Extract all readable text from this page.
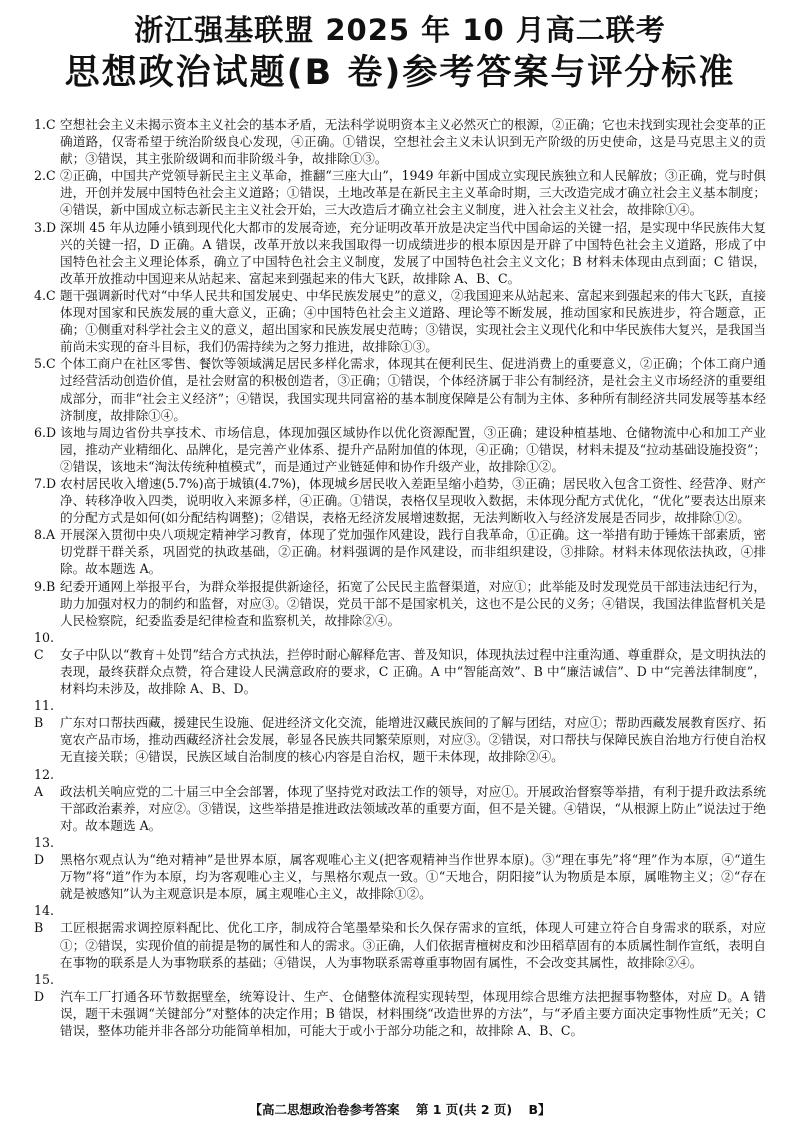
浙江强基联盟 2025 年 10 月高二联考
思想政治试题(B 卷)参考答案与评分标准

1.C 空想社会主义未揭示资本主义社会的基本矛盾，无法科学说明资本主义必然灭亡的根源，②正确；它也未找到实现社会变革的正确道路，仅寄希望于统治阶级良心发现，④正确。①错误，空想社会主义未认识到无产阶级的历史使命，这是马克思主义的贡献；③错误，其主张阶级调和而非阶级斗争，故排除①③。

2.C ②正确，中国共产党领导新民主主义革命，推翻“三座大山”，1949 年新中国成立实现民族独立和人民解放；③正确，党与时俱进，开创并发展中国特色社会主义道路；①错误，土地改革是在新民主主义革命时期，三大改造完成才确立社会主义基本制度；④错误，新中国成立标志新民主主义社会开始，三大改造后才确立社会主义制度，进入社会主义社会，故排除①④。

3.D 深圳 45 年从边陲小镇到现代化大都市的发展奇迹，充分证明改革开放是决定当代中国命运的关键一招，是实现中华民族伟大复兴的关键一招，D 正确。A 错误，改革开放以来我国取得一切成绩进步的根本原因是开辟了中国特色社会主义道路，形成了中国特色社会主义理论体系，确立了中国特色社会主义制度，发展了中国特色社会主义文化；B 材料未体现由点到面；C 错误，改革开放推动中国迎来从站起来、富起来到强起来的伟大飞跃，故排除 A、B、C。

4.C 题干强调新时代对“中华人民共和国发展史、中华民族发展史”的意义，②我国迎来从站起来、富起来到强起来的伟大飞跃，直接体现对国家和民族发展的重大意义，正确；④中国特色社会主义道路、理论等不断发展，推动国家和民族进步，符合题意，正确；①侧重对科学社会主义的意义，超出国家和民族发展史范畴；③错误，实现社会主义现代化和中华民族伟大复兴，是我国当前尚未实现的奋斗目标，我们仍需持续为之努力推进，故排除①③。

5.C 个体工商户在社区零售、餐饮等领域满足居民多样化需求，体现其在便利民生、促进消费上的重要意义，②正确；个体工商户通过经营活动创造价值，是社会财富的积极创造者，③正确；①错误，个体经济属于非公有制经济，是社会主义市场经济的重要组成部分，而非“社会主义经济”；④错误，我国实现共同富裕的基本制度保障是公有制为主体、多种所有制经济共同发展等基本经济制度，故排除①④。

6.D 该地与周边省份共享技术、市场信息，体现加强区域协作以优化资源配置，③正确；建设种植基地、仓储物流中心和加工产业园，推动产业精细化、品牌化，是完善产业体系、提升产品附加值的体现，④正确；①错误，材料未提及“拉动基础设施投资”；②错误，该地未“淘汰传统种植模式”，而是通过产业链延伸和协作升级产业，故排除①②。

7.D 农村居民收入增速(5.7%)高于城镇(4.7%)，体现城乡居民收入差距呈缩小趋势，③正确；居民收入包含工资性、经营净、财产净、转移净收入四类，说明收入来源多样，④正确。①错误，表格仅呈现收入数据，未体现分配方式优化，“优化”要表达出原来的分配方式是如何(如分配结构调整)；②错误，表格无经济发展增速数据，无法判断收入与经济发展是否同步，故排除①②。

8.A 开展深入贯彻中央八项规定精神学习教育，体现了党加强作风建设，践行自我革命，①正确。这一举措有助于锤炼干部素质，密切党群干群关系，巩固党的执政基础，②正确。材料强调的是作风建设，而非组织建设，③排除。材料未体现依法执政，④排除。故本题选 A。

9.B 纪委开通网上举报平台，为群众举报提供新途径，拓宽了公民民主监督渠道，对应①；此举能及时发现党员干部违法违纪行为，助力加强对权力的制约和监督，对应③。②错误，党员干部不是国家机关，这也不是公民的义务；④错误，我国法律监督机关是人民检察院，纪委监委是纪律检查和监察机关，故排除②④。

10.C 女子中队以“教育＋处罚”结合方式执法，拦停时耐心解释危害、普及知识，体现执法过程中注重沟通、尊重群众，是文明执法的表现，最终获群众点赞，符合建设人民满意政府的要求，C 正确。A 中“智能高效”、B 中“廉洁诚信”、D 中“完善法律制度”，材料均未涉及，故排除 A、B、D。

11.B 广东对口帮扶西藏，援建民生设施、促进经济文化交流，能增进汉藏民族间的了解与团结，对应①；帮助西藏发展教育医疗、拓宽农产品市场，推动西藏经济社会发展，彰显各民族共同繁荣原则，对应③。②错误，对口帮扶与保障民族自治地方行使自治权无直接关联；④错误，民族区域自治制度的核心内容是自治权，题干未体现，故排除②④。

12.A 政法机关响应党的二十届三中全会部署，体现了坚持党对政法工作的领导，对应①。开展政治督察等举措，有利于提升政法系统干部政治素养，对应②。③错误，这些举措是推进政法领域改革的重要方面，但不是关键。④错误，“从根源上防止”说法过于绝对。故本题选 A。

13.D 黑格尔观点认为“绝对精神”是世界本原，属客观唯心主义(把客观精神当作世界本原)。③“理在事先”将“理”作为本原，④“道生万物”将“道”作为本原，均为客观唯心主义，与黑格尔观点一致。①“天地合，阴阳接”认为物质是本原，属唯物主义；②“存在就是被感知”认为主观意识是本原，属主观唯心主义，故排除①②。

14.B 工匠根据需求调控原料配比、优化工序，制成符合笔墨晕染和长久保存需求的宣纸，体现人可建立符合自身需求的联系，对应①；②错误，实现价值的前提是物的属性和人的需求。③正确，人们依据青檀树皮和沙田稻草固有的本质属性制作宣纸，表明自在事物的联系是人为事物联系的基础；④错误，人为事物联系需尊重事物固有属性，不会改变其属性，故排除②④。

15.D 汽车工厂打通各环节数据壁垒，统筹设计、生产、仓储整体流程实现转型，体现用综合思维方法把握事物整体，对应 D。A 错误，题干未强调“关键部分”对整体的决定作用；B 错误，材料围绕“改造世界的方法”，与“矛盾主要方面决定事物性质”无关；C 错误，整体功能并非各部分功能简单相加，可能大于或小于部分功能之和，故排除 A、B、C。

【高二思想政治卷参考答案 第 1 页(共 2 页) B】
